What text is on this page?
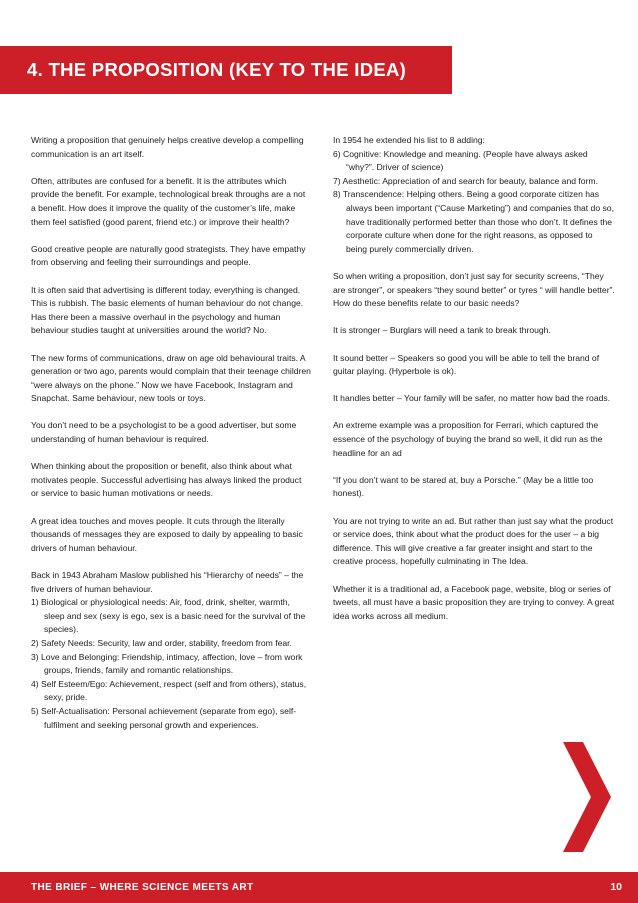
4. THE PROPOSITION (KEY TO THE IDEA)

Writing a proposition that genuinely helps creative develop a compelling communication is an art itself.

Often, attributes are confused for a benefit. It is the attributes which provide the benefit. For example, technological break throughs are a not a benefit. How does it improve the quality of the customer’s life, make them feel satisfied (good parent, friend etc.) or improve their health?

Good creative people are naturally good strategists. They have empathy from observing and feeling their surroundings and people.

It is often said that advertising is different today, everything is changed. This is rubbish. The basic elements of human behaviour do not change. Has there been a massive overhaul in the psychology and human behaviour studies taught at universities around the world? No.

The new forms of communications, draw on age old behavioural traits. A generation or two ago, parents would complain that their teenage children “were always on the phone.” Now we have Facebook, Instagram and Snapchat. Same behaviour, new tools or toys.

You don’t need to be a psychologist to be a good advertiser, but some understanding of human behaviour is required.

When thinking about the proposition or benefit, also think about what motivates people. Successful advertising has always linked the product or service to basic human motivations or needs.

A great idea touches and moves people. It cuts through the literally thousands of messages they are exposed to daily by appealing to basic drivers of human behaviour.

Back in 1943 Abraham Maslow published his “Hierarchy of needs” – the five drivers of human behaviour.

1) Biological or physiological needs: Air, food, drink, shelter, warmth, sleep and sex (sexy is ego, sex is a basic need for the survival of the species).
2) Safety Needs: Security, law and order, stability, freedom from fear.
3) Love and Belonging: Friendship, intimacy, affection, love – from work groups, friends, family and romantic relationships.
4) Self Esteem/Ego: Achievement, respect (self and from others), status, sexy, pride.
5) Self-Actualisation: Personal achievement (separate from ego), self-fulfilment and seeking personal growth and experiences.

In 1954 he extended his list to 8 adding:

6) Cognitive: Knowledge and meaning. (People have always asked “why?”. Driver of science)
7) Aesthetic: Appreciation of and search for beauty, balance and form.
8) Transcendence: Helping others. Being a good corporate citizen has always been important (“Cause Marketing”) and companies that do so, have traditionally performed better than those who don’t. It defines the corporate culture when done for the right reasons, as opposed to being purely commercially driven.

So when writing a proposition, don’t just say for security screens, “They are stronger”, or speakers “they sound better” or tyres “ will handle better”. How do these benefits relate to our basic needs?

It is stronger – Burglars will need a tank to break through.

It sound better – Speakers so good you will be able to tell the brand of guitar playing. (Hyperbole is ok).

It handles better – Your family will be safer, no matter how bad the roads.

An extreme example was a proposition for Ferrari, which captured the essence of the psychology of buying the brand so well, it did run as the headline for an ad

“If you don’t want to be stared at, buy a Porsche.” (May be a little too honest).

You are not trying to write an ad. But rather than just say what the product or service does, think about what the product does for the user – a big difference. This will give creative a far greater insight and start to the creative process, hopefully culminating in The Idea.

Whether it is a traditional ad, a Facebook page, website, blog or series of tweets, all must have a basic proposition they are trying to convey. A great idea works across all medium.

THE BRIEF – WHERE SCIENCE MEETS ART	10
